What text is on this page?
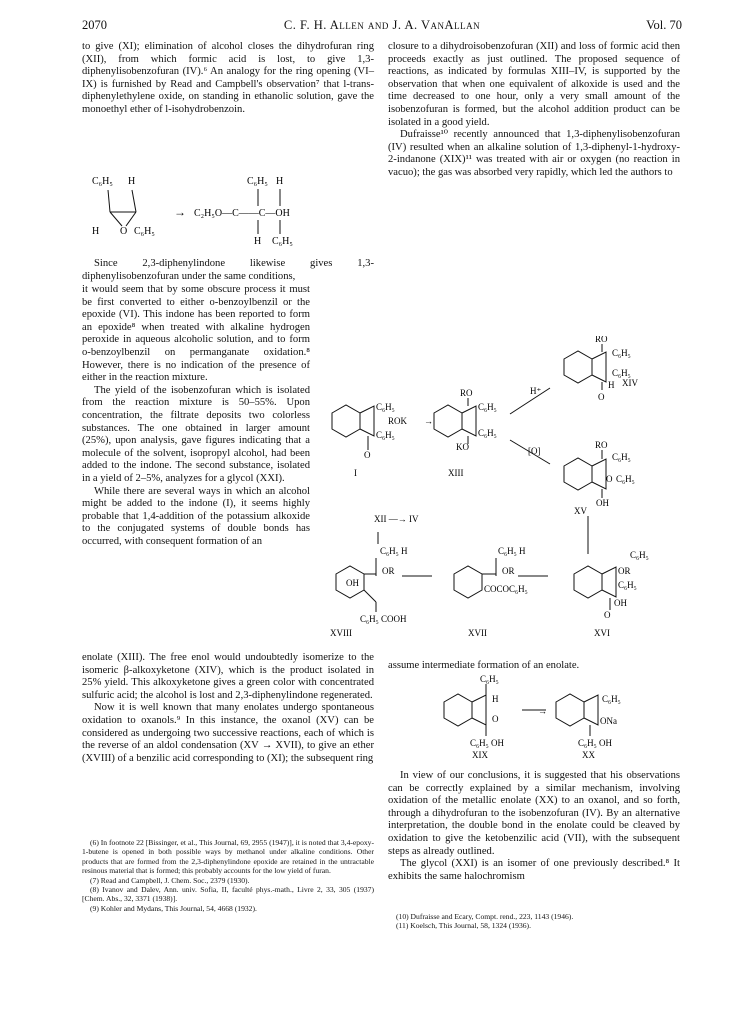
2070	C. F. H. Allen and J. A. VanAllan	Vol. 70

to give (XI); elimination of alcohol closes the dihydrofuran ring (XII), from which formic acid is lost, to give 1,3-diphenylisobenzofuran (IV).⁶ An analogy for the ring opening (VI–IX) is furnished by Read and Campbell's observation⁷ that l-trans-diphenylethylene oxide, on standing in ethanolic solution, gave the monoethyl ether of l-isohydrobenzoin.

C₆H₅ H
H O C₆H₅
→
C₆H₅ H
C₂H₅O—C——C—OH
H C₆H₅

Since 2,3-diphenylindone likewise gives 1,3-diphenylisobenzofuran under the same conditions,

it would seem that by some obscure process it must be first converted to either o-benzoylbenzil or the epoxide (VI). This indone has been reported to form an epoxide⁸ when treated with alkaline hydrogen peroxide in aqueous alcoholic solution, and to form o-benzoylbenzil on permanganate oxidation.⁸ However, there is no indication of the presence of either in the reaction mixture.

The yield of the isobenzofuran which is isolated from the reaction mixture is 50–55%. Upon concentration, the filtrate deposits two colorless substances. The one obtained in larger amount (25%), upon analysis, gave figures indicating that a molecule of the solvent, isopropyl alcohol, had been added to the indone. The second substance, isolated in a yield of 2–5%, analyzes for a glycol (XXI).

While there are several ways in which an alcohol might be added to the indone (I), it seems highly probable that 1,4-addition of the potassium alkoxide to the conjugated systems of double bonds has occurred, with consequent formation of an

enolate (XIII). The free enol would undoubtedly isomerize to the isomeric β-alkoxyketone (XIV), which is the product isolated in 25% yield. This alkoxyketone gives a green color with concentrated sulfuric acid; the alcohol is lost and 2,3-diphenylindone regenerated.

Now it is well known that many enolates undergo spontaneous oxidation to oxanols.⁹ In this instance, the oxanol (XV) can be considered as undergoing two successive reactions, each of which is the reverse of an aldol condensation (XV → XVII), to give an ether (XVIII) of a benzilic acid corresponding to (XI); the subsequent ring

(6) In footnote 22 [Bissinger, et al., This Journal, 69, 2955 (1947)], it is noted that 3,4-epoxy-1-butene is opened in both possible ways by methanol under alkaline conditions. Other products that are formed from the 2,3-diphenylindone epoxide are retained in the untractable resinous material that is formed; this probably accounts for the low yield of furan.

(7) Read and Campbell, J. Chem. Soc., 2379 (1930).

(8) Ivanov and Dalev, Ann. univ. Sofia, II, faculté phys.-math., Livre 2, 33, 305 (1937) [Chem. Abs., 32, 3371 (1938)].

(9) Kohler and Mydans, This Journal, 54, 4668 (1932).

closure to a dihydroisobenzofuran (XII) and loss of formic acid then proceeds exactly as just outlined. The proposed sequence of reactions, as indicated by formulas XIII–IV, is supported by the observation that when one equivalent of alkoxide is used and the time decreased to one hour, only a very small amount of the isobenzofuran is formed, but the alcohol addition product can be isolated in a good yield.

Dufraisse¹⁰ recently announced that 1,3-diphenylisobenzofuran (IV) resulted when an alkaline solution of 1,3-diphenyl-1-hydroxy-2-indanone (XIX)¹¹ was treated with air or oxygen (no reaction in vacuo); the gas was absorbed very rapidly, which led the authors to

C₆H₅
C₆H₅
O
ROK →
RO
C₆H₅
C₆H₅
KO
H⁺
[O]
RO
C₆H₅
C₆H₅
H
O
XIV
RO
C₆H₅
O C₆H₅
OH
XV
I	XIII
XII —→ IV
C₆H₅ H	C₆H₅ H	C₆H₅
OR	OR	OR
C₆H₅
OH
COCOC₆H₅
OH
O
C₆H₅ COOH
XVIII	XVII	XVI

assume intermediate formation of an enolate.

C₆H₅
H
O
→
C₆H₅
ONa
C₆H₅ OH	C₆H₅ OH
XIX	XX

In view of our conclusions, it is suggested that his observations can be correctly explained by a similar mechanism, involving oxidation of the metallic enolate (XX) to an oxanol, and so forth, through a dihydrofuran to the isobenzofuran (IV). By an alternative interpretation, the double bond in the enolate could be cleaved by oxidation to give the ketobenzilic acid (VII), with the subsequent steps as already outlined.

The glycol (XXI) is an isomer of one previously described.⁸ It exhibits the same halochromism

(10) Dufraisse and Ecary, Compt. rend., 223, 1143 (1946).

(11) Koelsch, This Journal, 58, 1324 (1936).
